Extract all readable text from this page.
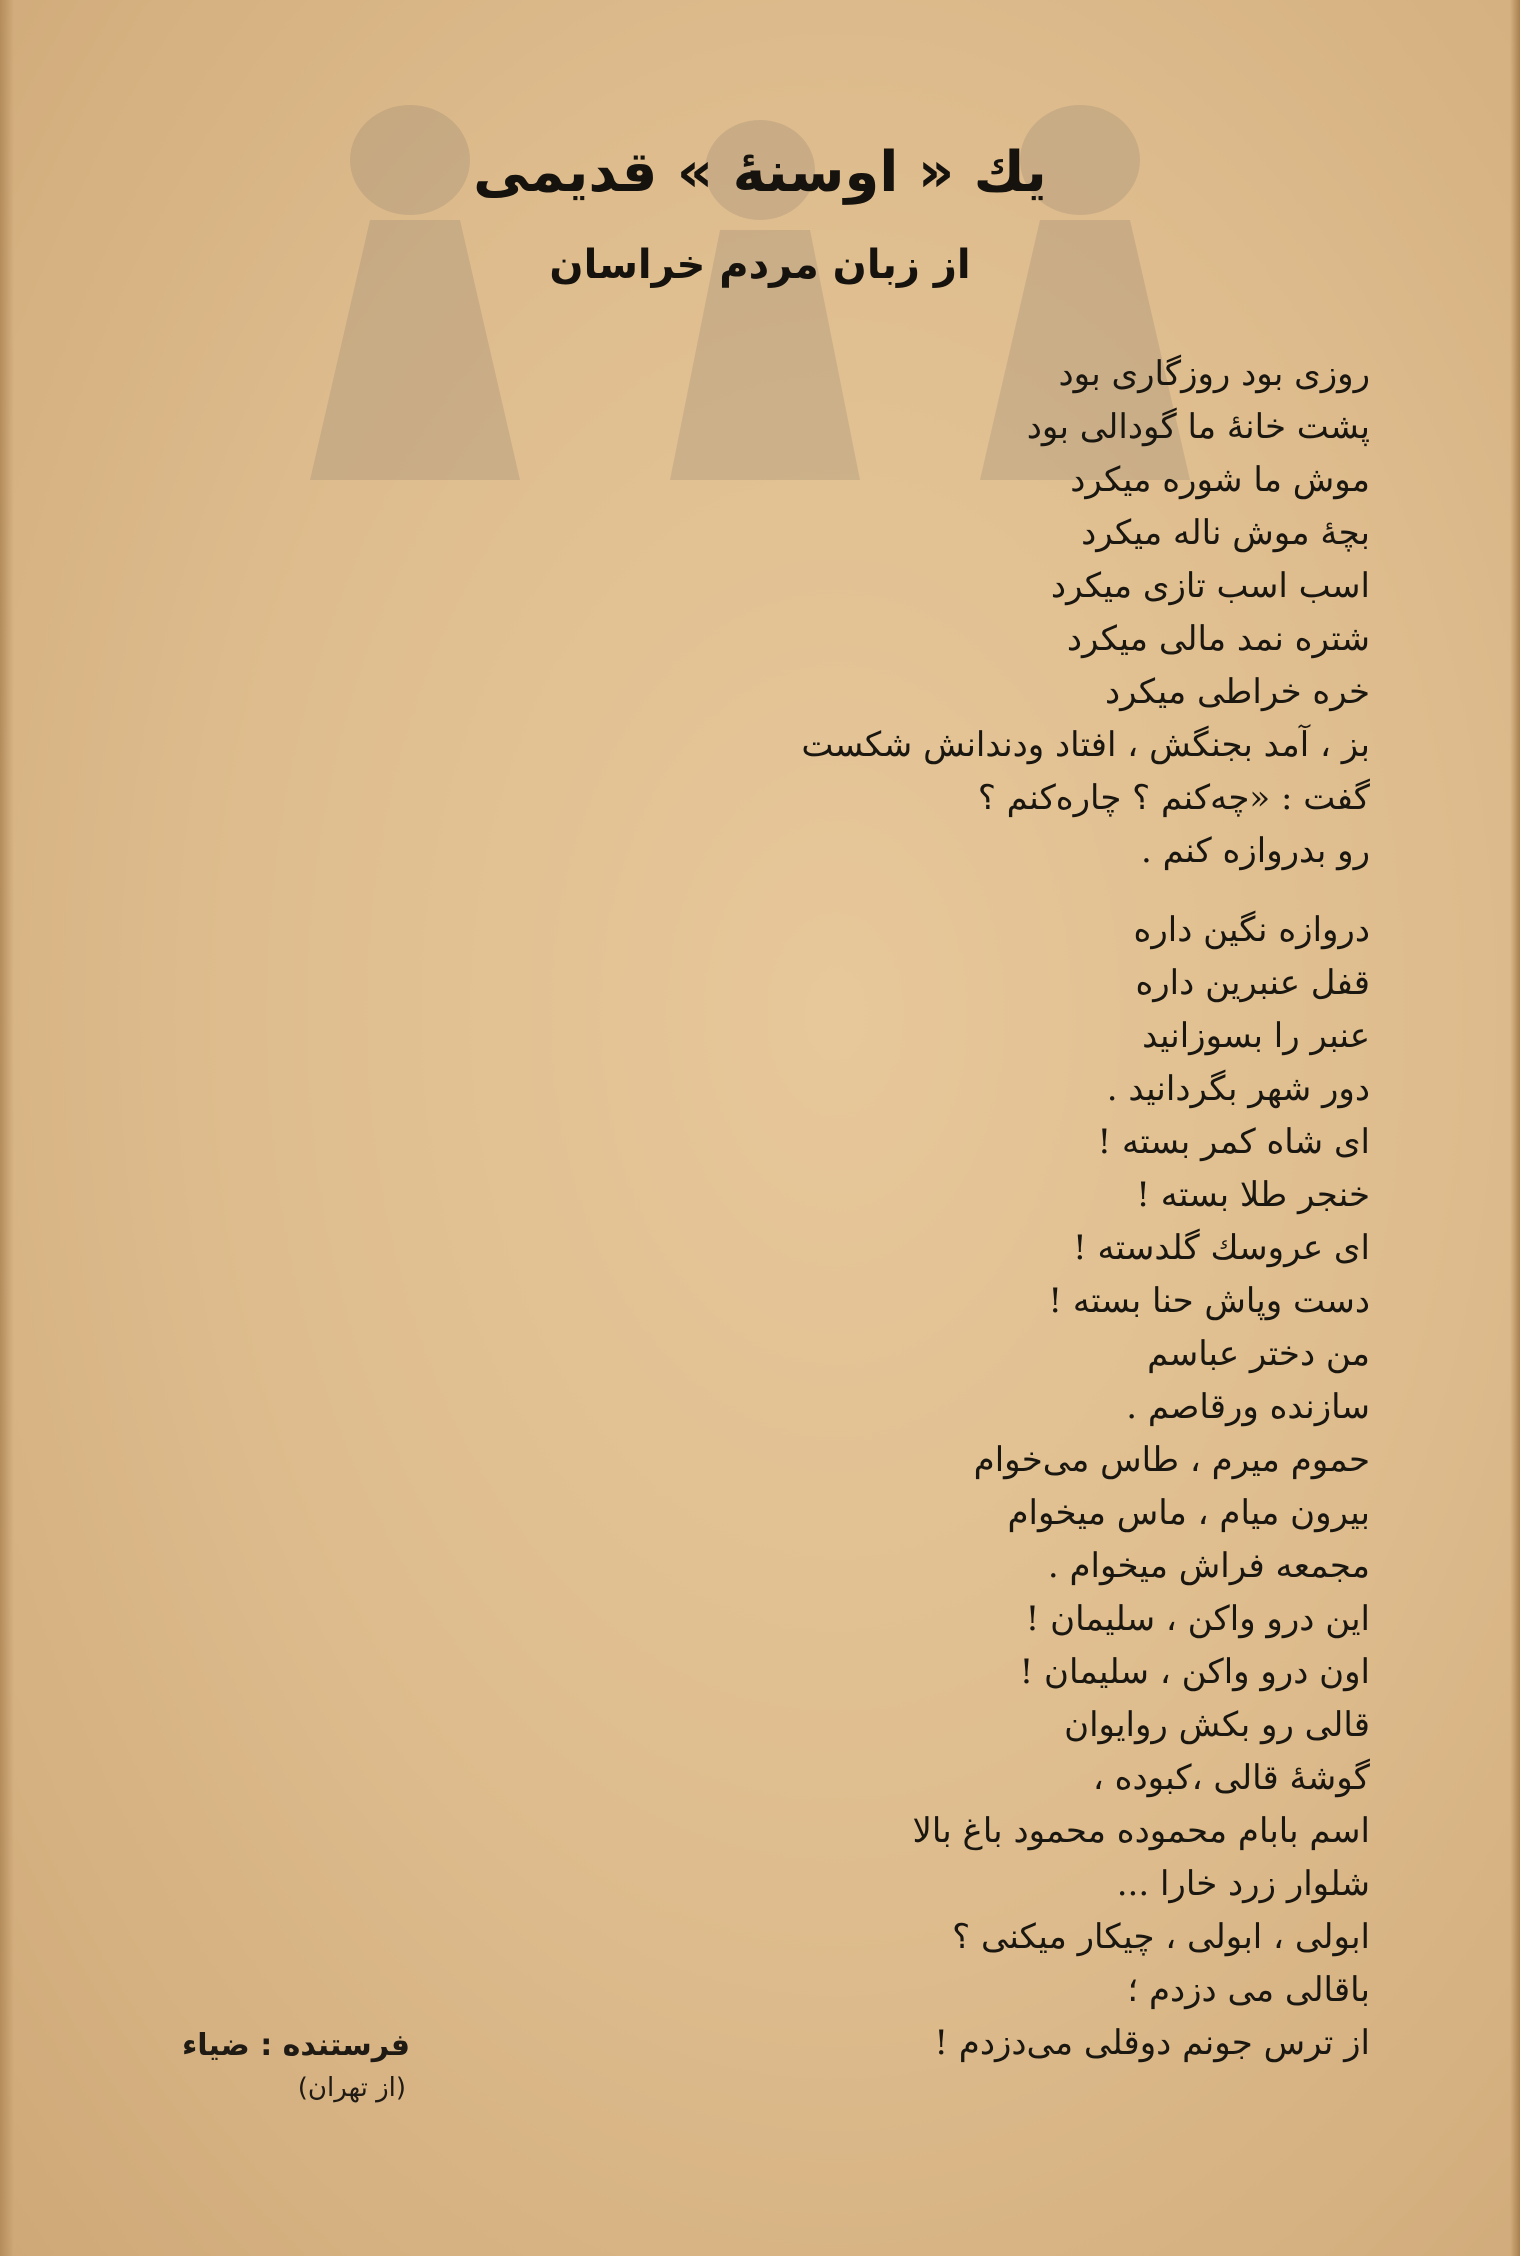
یك « اوسنهٔ » قدیمی
از زبان مردم خراسان
روزی بود روزگاری بود
پشت خانهٔ ما گودالی بود
موش ما شوره میکرد
بچهٔ موش ناله میکرد
اسب اسب تازی میکرد
شتره نمد مالی میکرد
خره خراطی میکرد
بز ، آمد بجنگش ، افتاد ودندانش شکست
گفت : «چه‌کنم ؟ چاره‌کنم ؟
رو بدروازه کنم .
دروازه نگین داره
قفل عنبرین داره
عنبر را بسوزانید
دور شهر بگردانید .
ای شاه کمر بسته !
خنجر طلا بسته !
ای عروسك گلدسته !
دست وپاش حنا بسته !
من دختر عباسم
سازنده ورقاصم .
حموم میرم ، طاس می‌خوام
بیرون میام ، ماس میخوام
مجمعه فراش میخوام .
این درو واکن ، سلیمان !
اون درو واکن ، سلیمان !
قالی رو بکش روایوان
گوشهٔ قالی ،کبوده ،
اسم بابام محموده محمود باغ بالا
شلوار زرد خارا ...
ابولی ، ابولی ، چیکار میکنی ؟
باقالی می دزدم ؛
از ترس جونم دوقلی می‌دزدم !
فرستنده : ضیاء
(از تهران)
